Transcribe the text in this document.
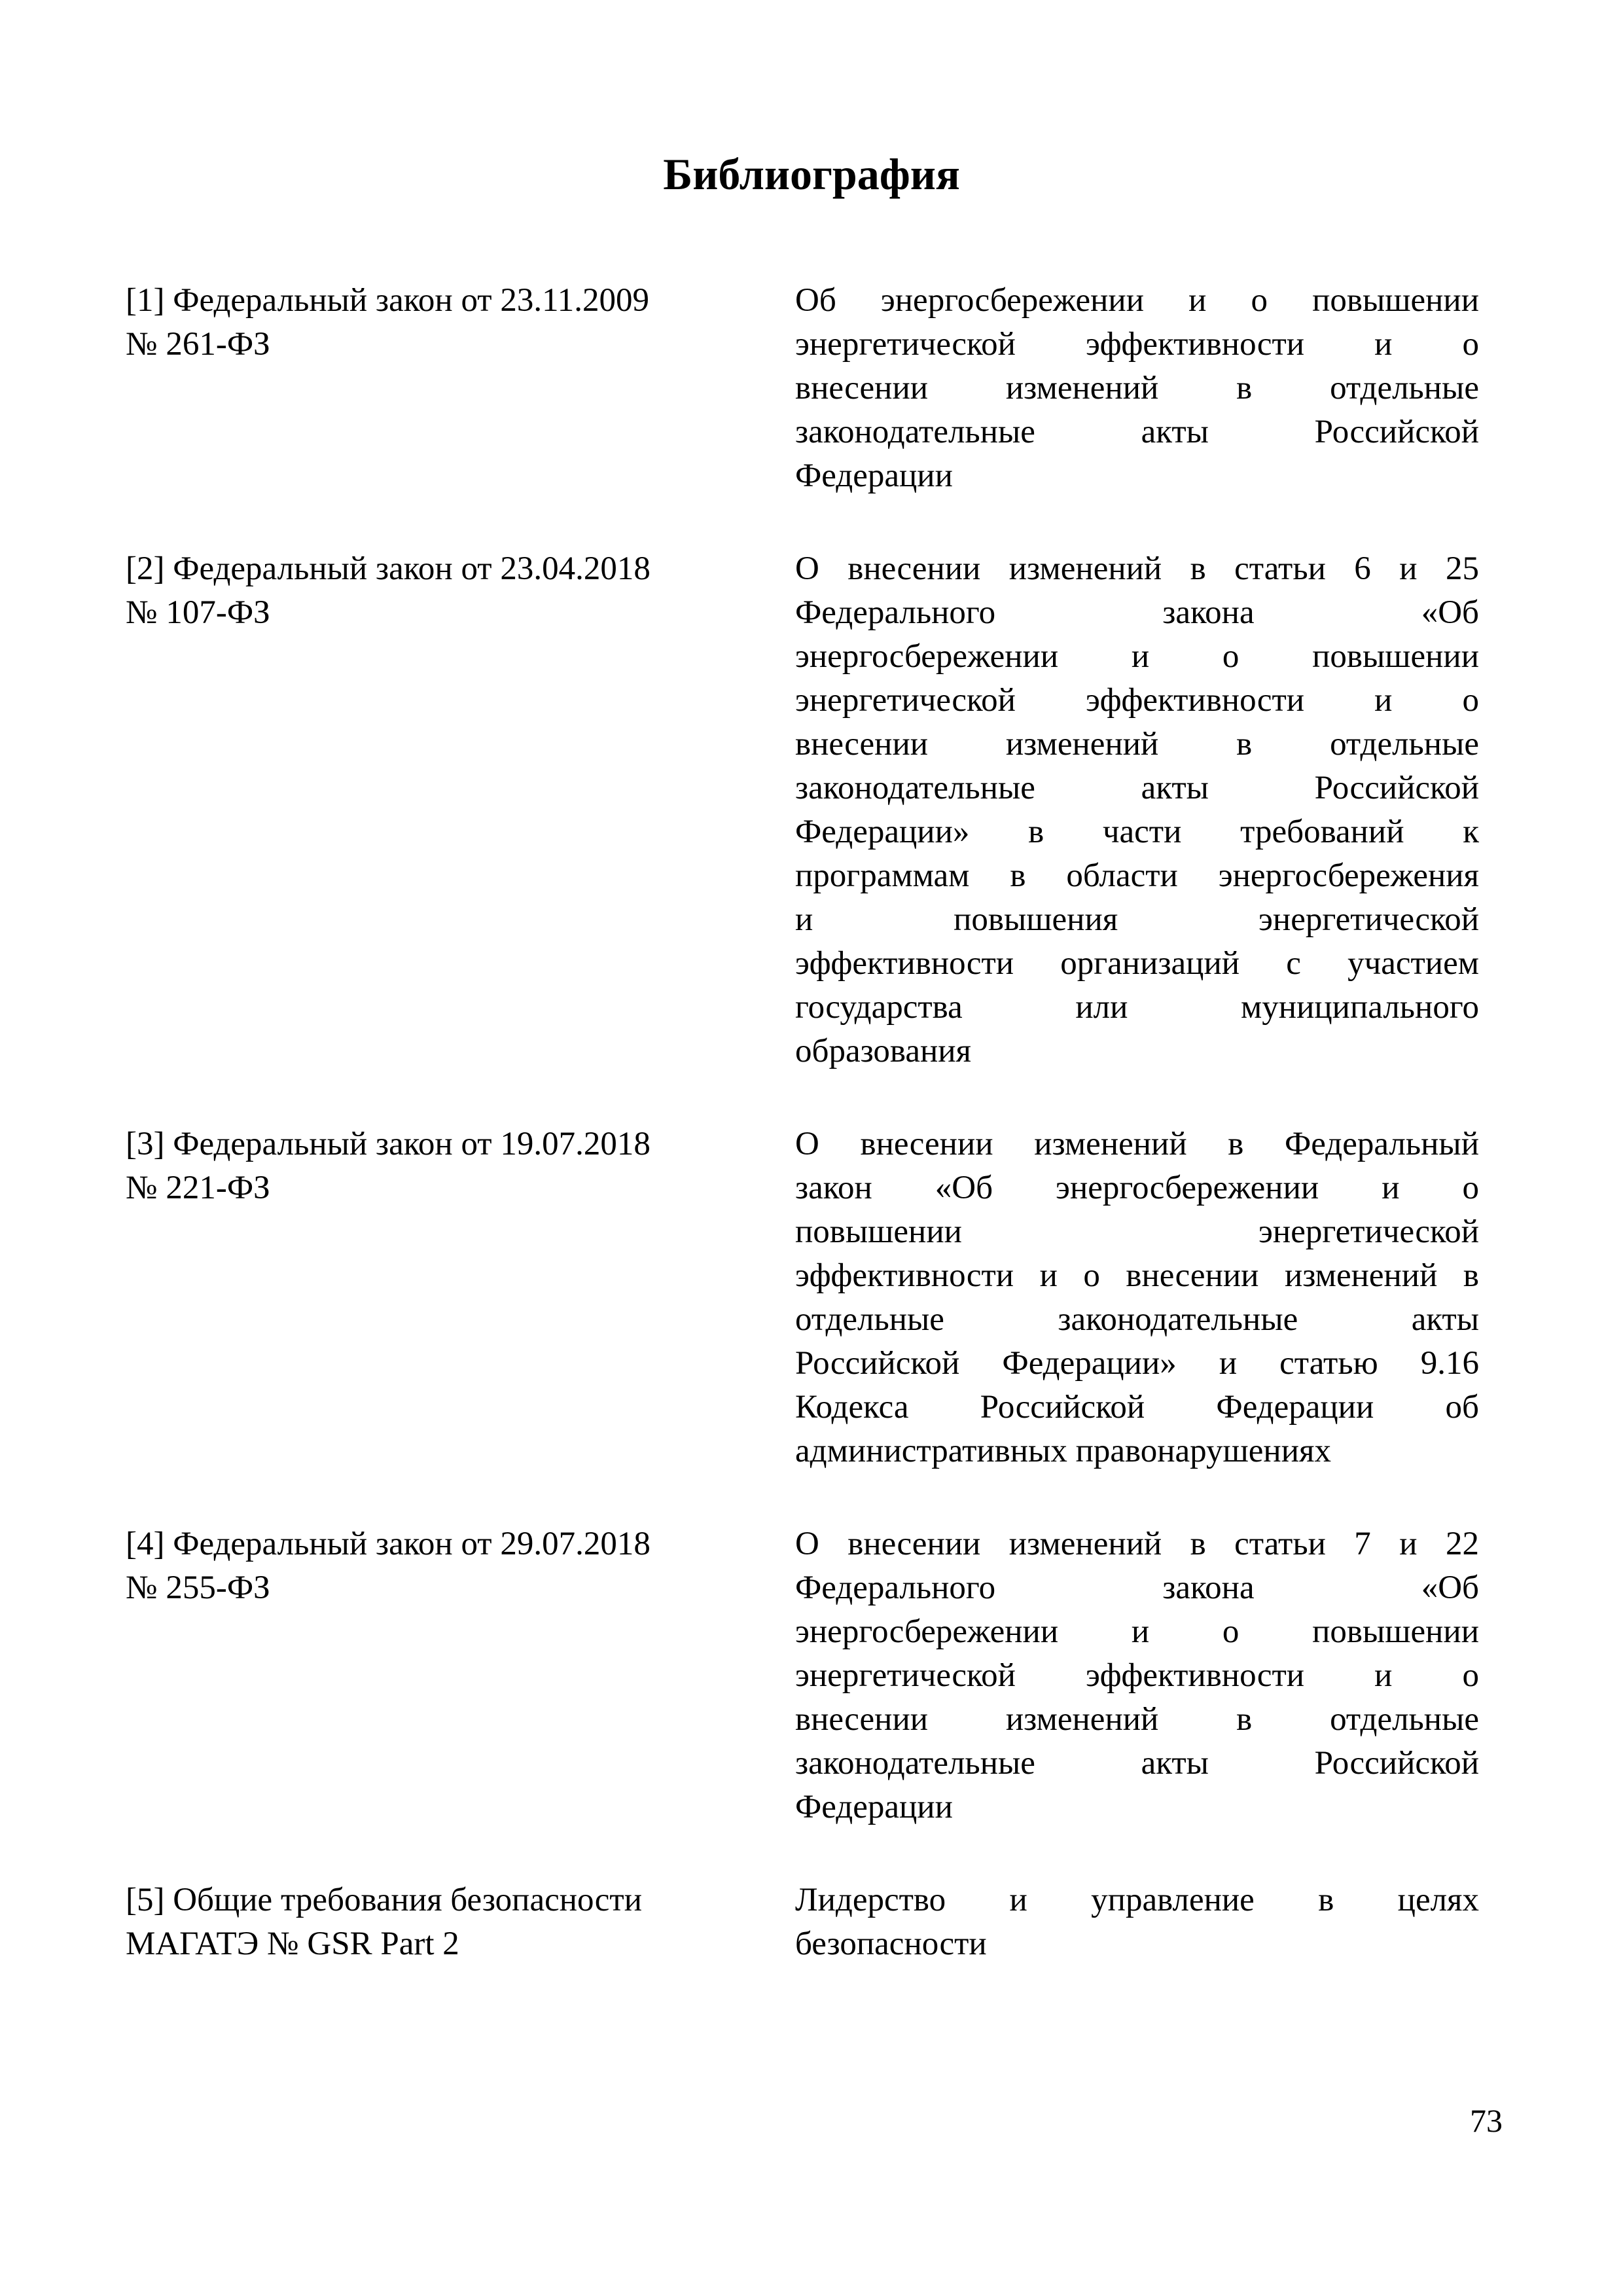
Библиография
[1] Федеральный закон от 23.11.2009
№ 261-ФЗ
Об энергосбережении и о повышении
энергетической эффективности и о
внесении изменений в отдельные
законодательные акты Российской
Федерации
[2] Федеральный закон от 23.04.2018
№ 107-ФЗ
О внесении изменений в статьи 6 и 25
Федерального закона «Об
энергосбережении и о повышении
энергетической эффективности и о
внесении изменений в отдельные
законодательные акты Российской
Федерации» в части требований к
программам в области энергосбережения
и повышения энергетической
эффективности организаций с участием
государства или муниципального
образования
[3] Федеральный закон от 19.07.2018
№ 221-ФЗ
О внесении изменений в Федеральный
закон «Об энергосбережении и о
повышении энергетической
эффективности и о внесении изменений в
отдельные законодательные акты
Российской Федерации» и статью 9.16
Кодекса Российской Федерации об
административных правонарушениях
[4] Федеральный закон от 29.07.2018
№ 255-ФЗ
О внесении изменений в статьи 7 и 22
Федерального закона «Об
энергосбережении и о повышении
энергетической эффективности и о
внесении изменений в отдельные
законодательные акты Российской
Федерации
[5] Общие требования безопасности
МАГАТЭ № GSR Part 2
Лидерство и управление в целях
безопасности
73
